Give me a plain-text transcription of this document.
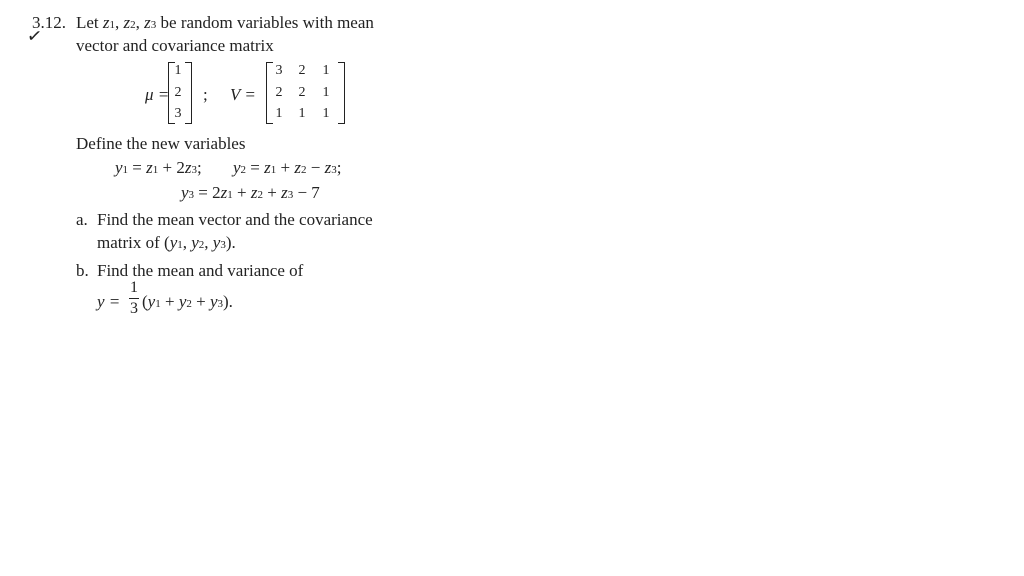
3.12.
✓
Let z1, z2, z3 be random variables with mean
vector and covariance matrix
μ =
1
2
3
; V =
3 2 1
2 2 1
1 1 1
Define the new variables
y1 = z1 + 2z3; y2 = z1 + z2 − z3;
y3 = 2z1 + z2 + z3 − 7
a. Find the mean vector and the covariance
matrix of (y1, y2, y3).
b. Find the mean and variance of
y =
1
3 (y1 + y2 + y3).
